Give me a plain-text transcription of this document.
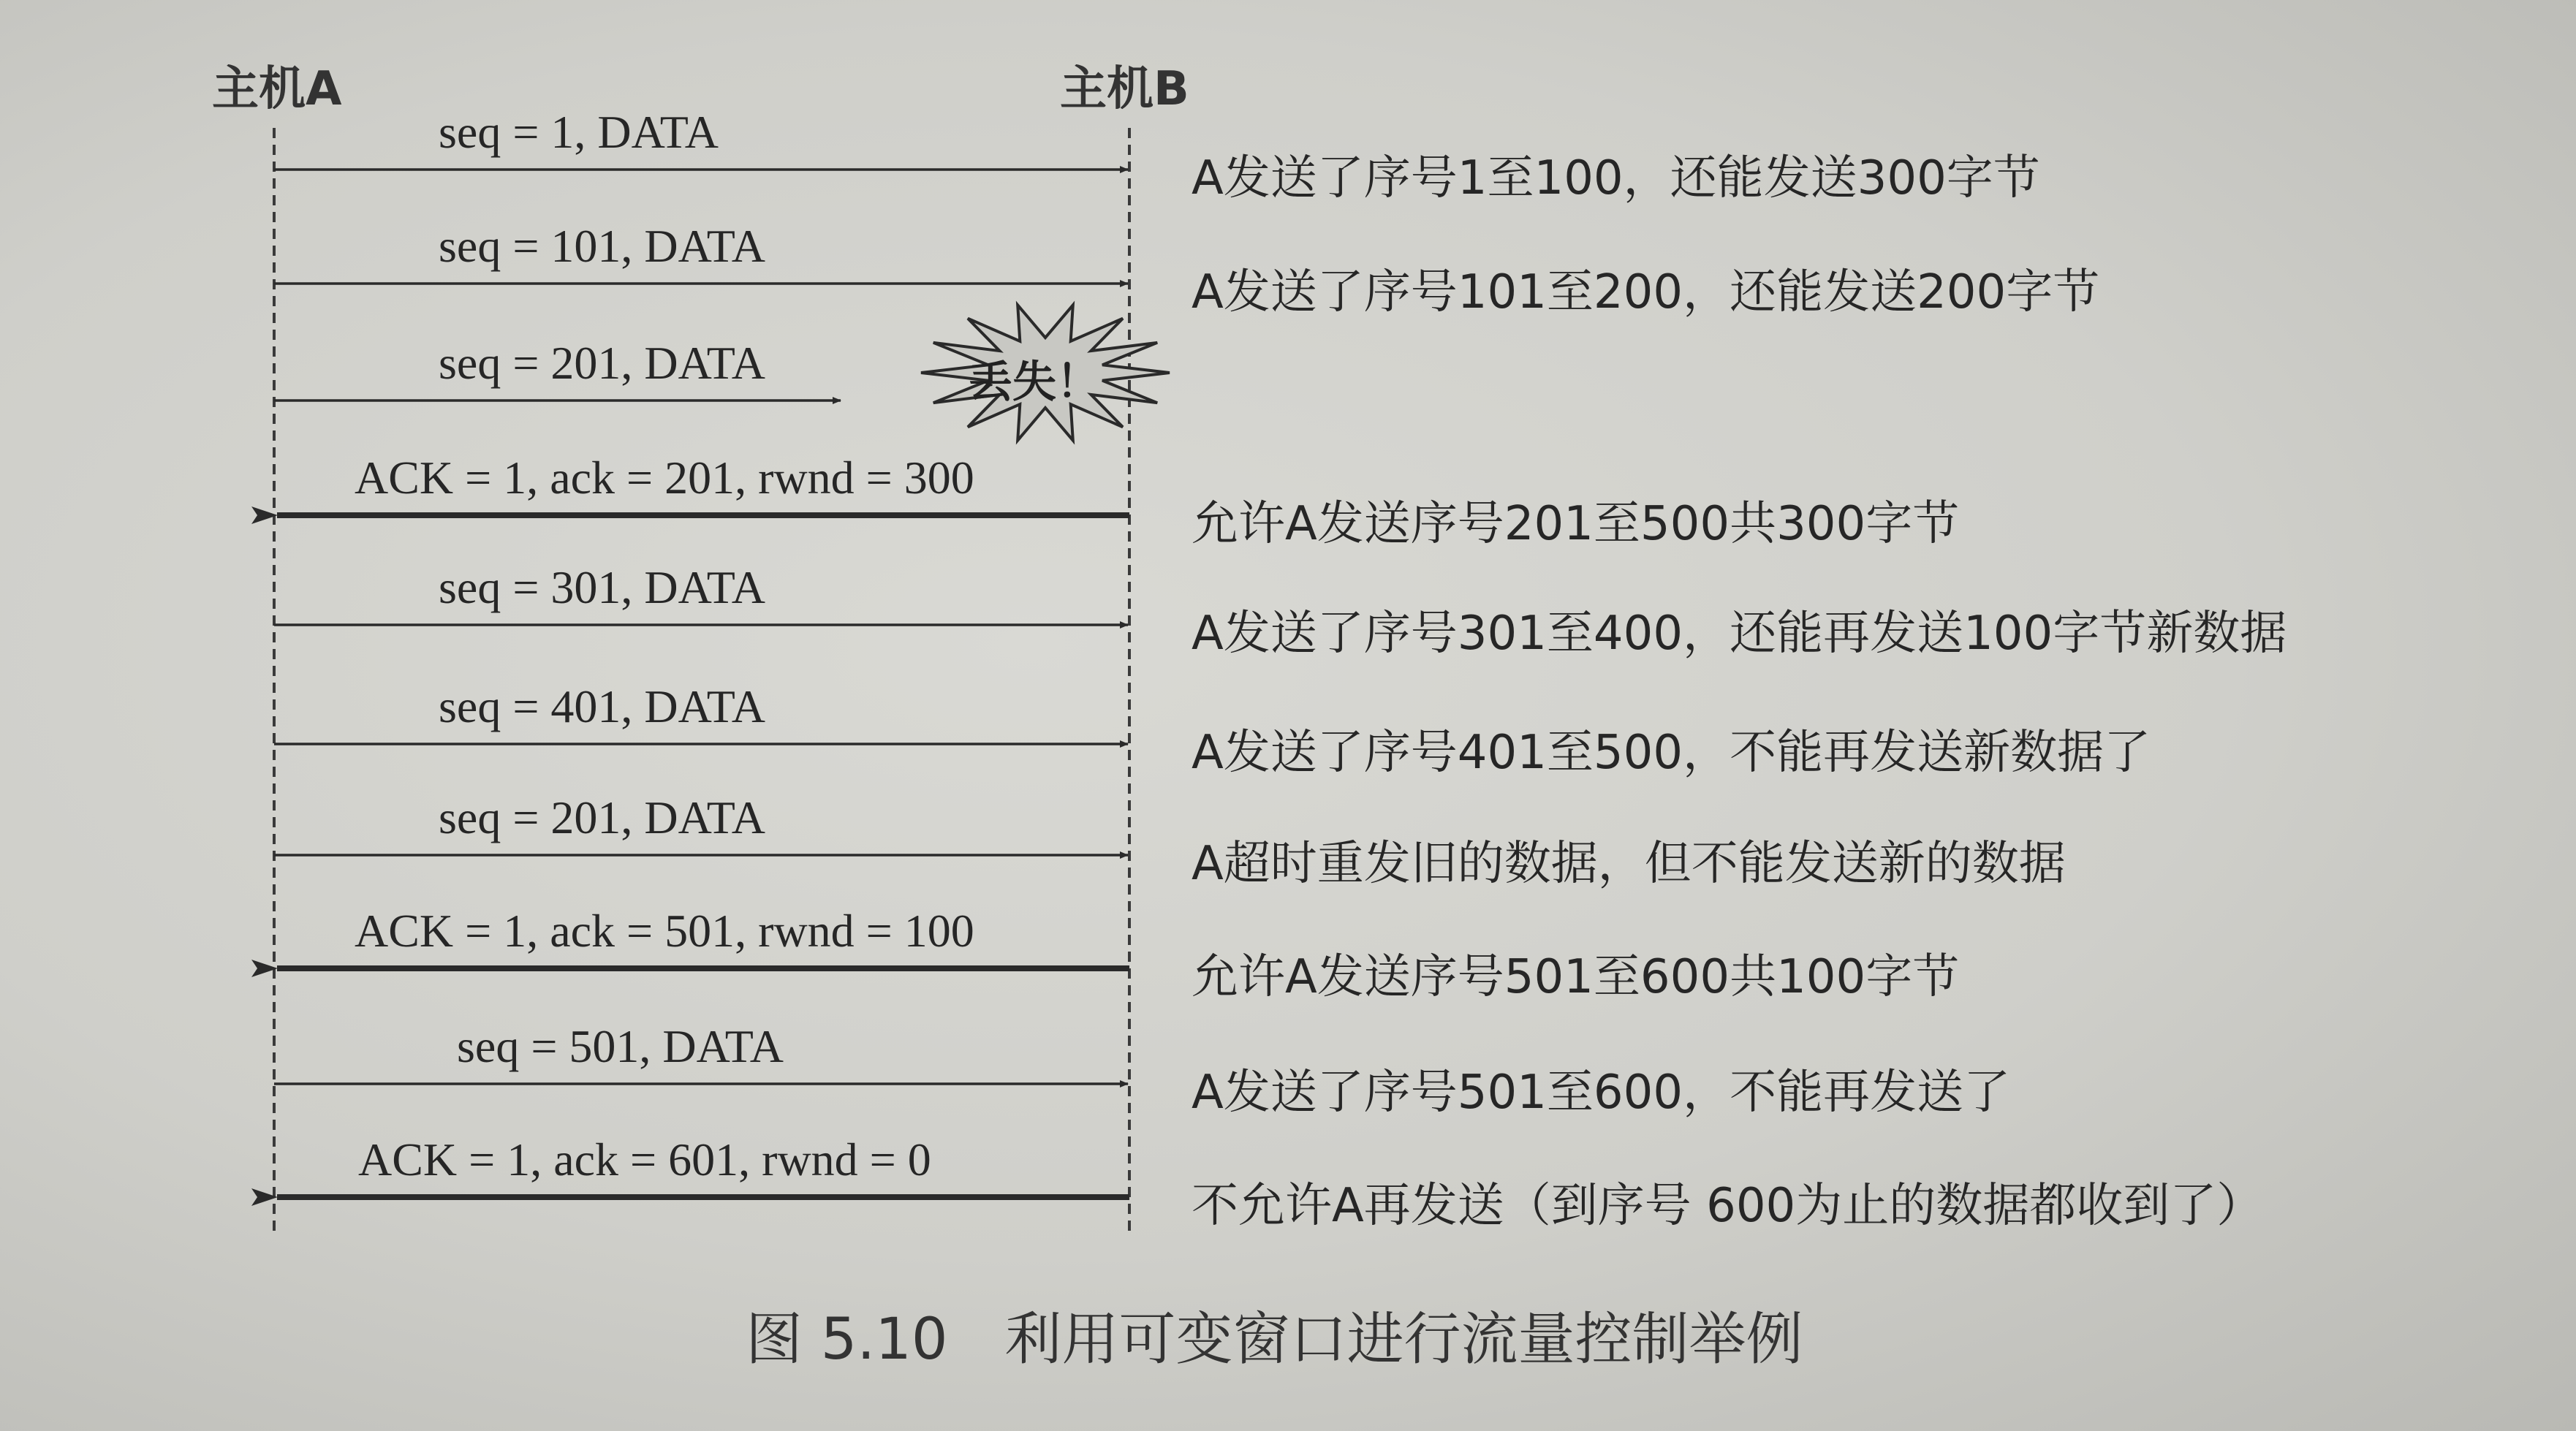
主机A	主机B
seq = 1, DATA
A发送了序号1至100，还能发送300字节
seq = 101, DATA
A发送了序号101至200，还能发送200字节
seq = 201, DATA	丢失！
ACK = 1, ack = 201, rwnd = 300
允许A发送序号201至500共300字节
seq = 301, DATA
A发送了序号301至400，还能再发送100字节新数据
seq = 401, DATA
A发送了序号401至500，不能再发送新数据了
seq = 201, DATA
A超时重发旧的数据，但不能发送新的数据
ACK = 1, ack = 501, rwnd = 100
允许A发送序号501至600共100字节
seq = 501, DATA
A发送了序号501至600，不能再发送了
ACK = 1, ack = 601, rwnd = 0
不允许A再发送（到序号 600为止的数据都收到了）
图 5.10　利用可变窗口进行流量控制举例
